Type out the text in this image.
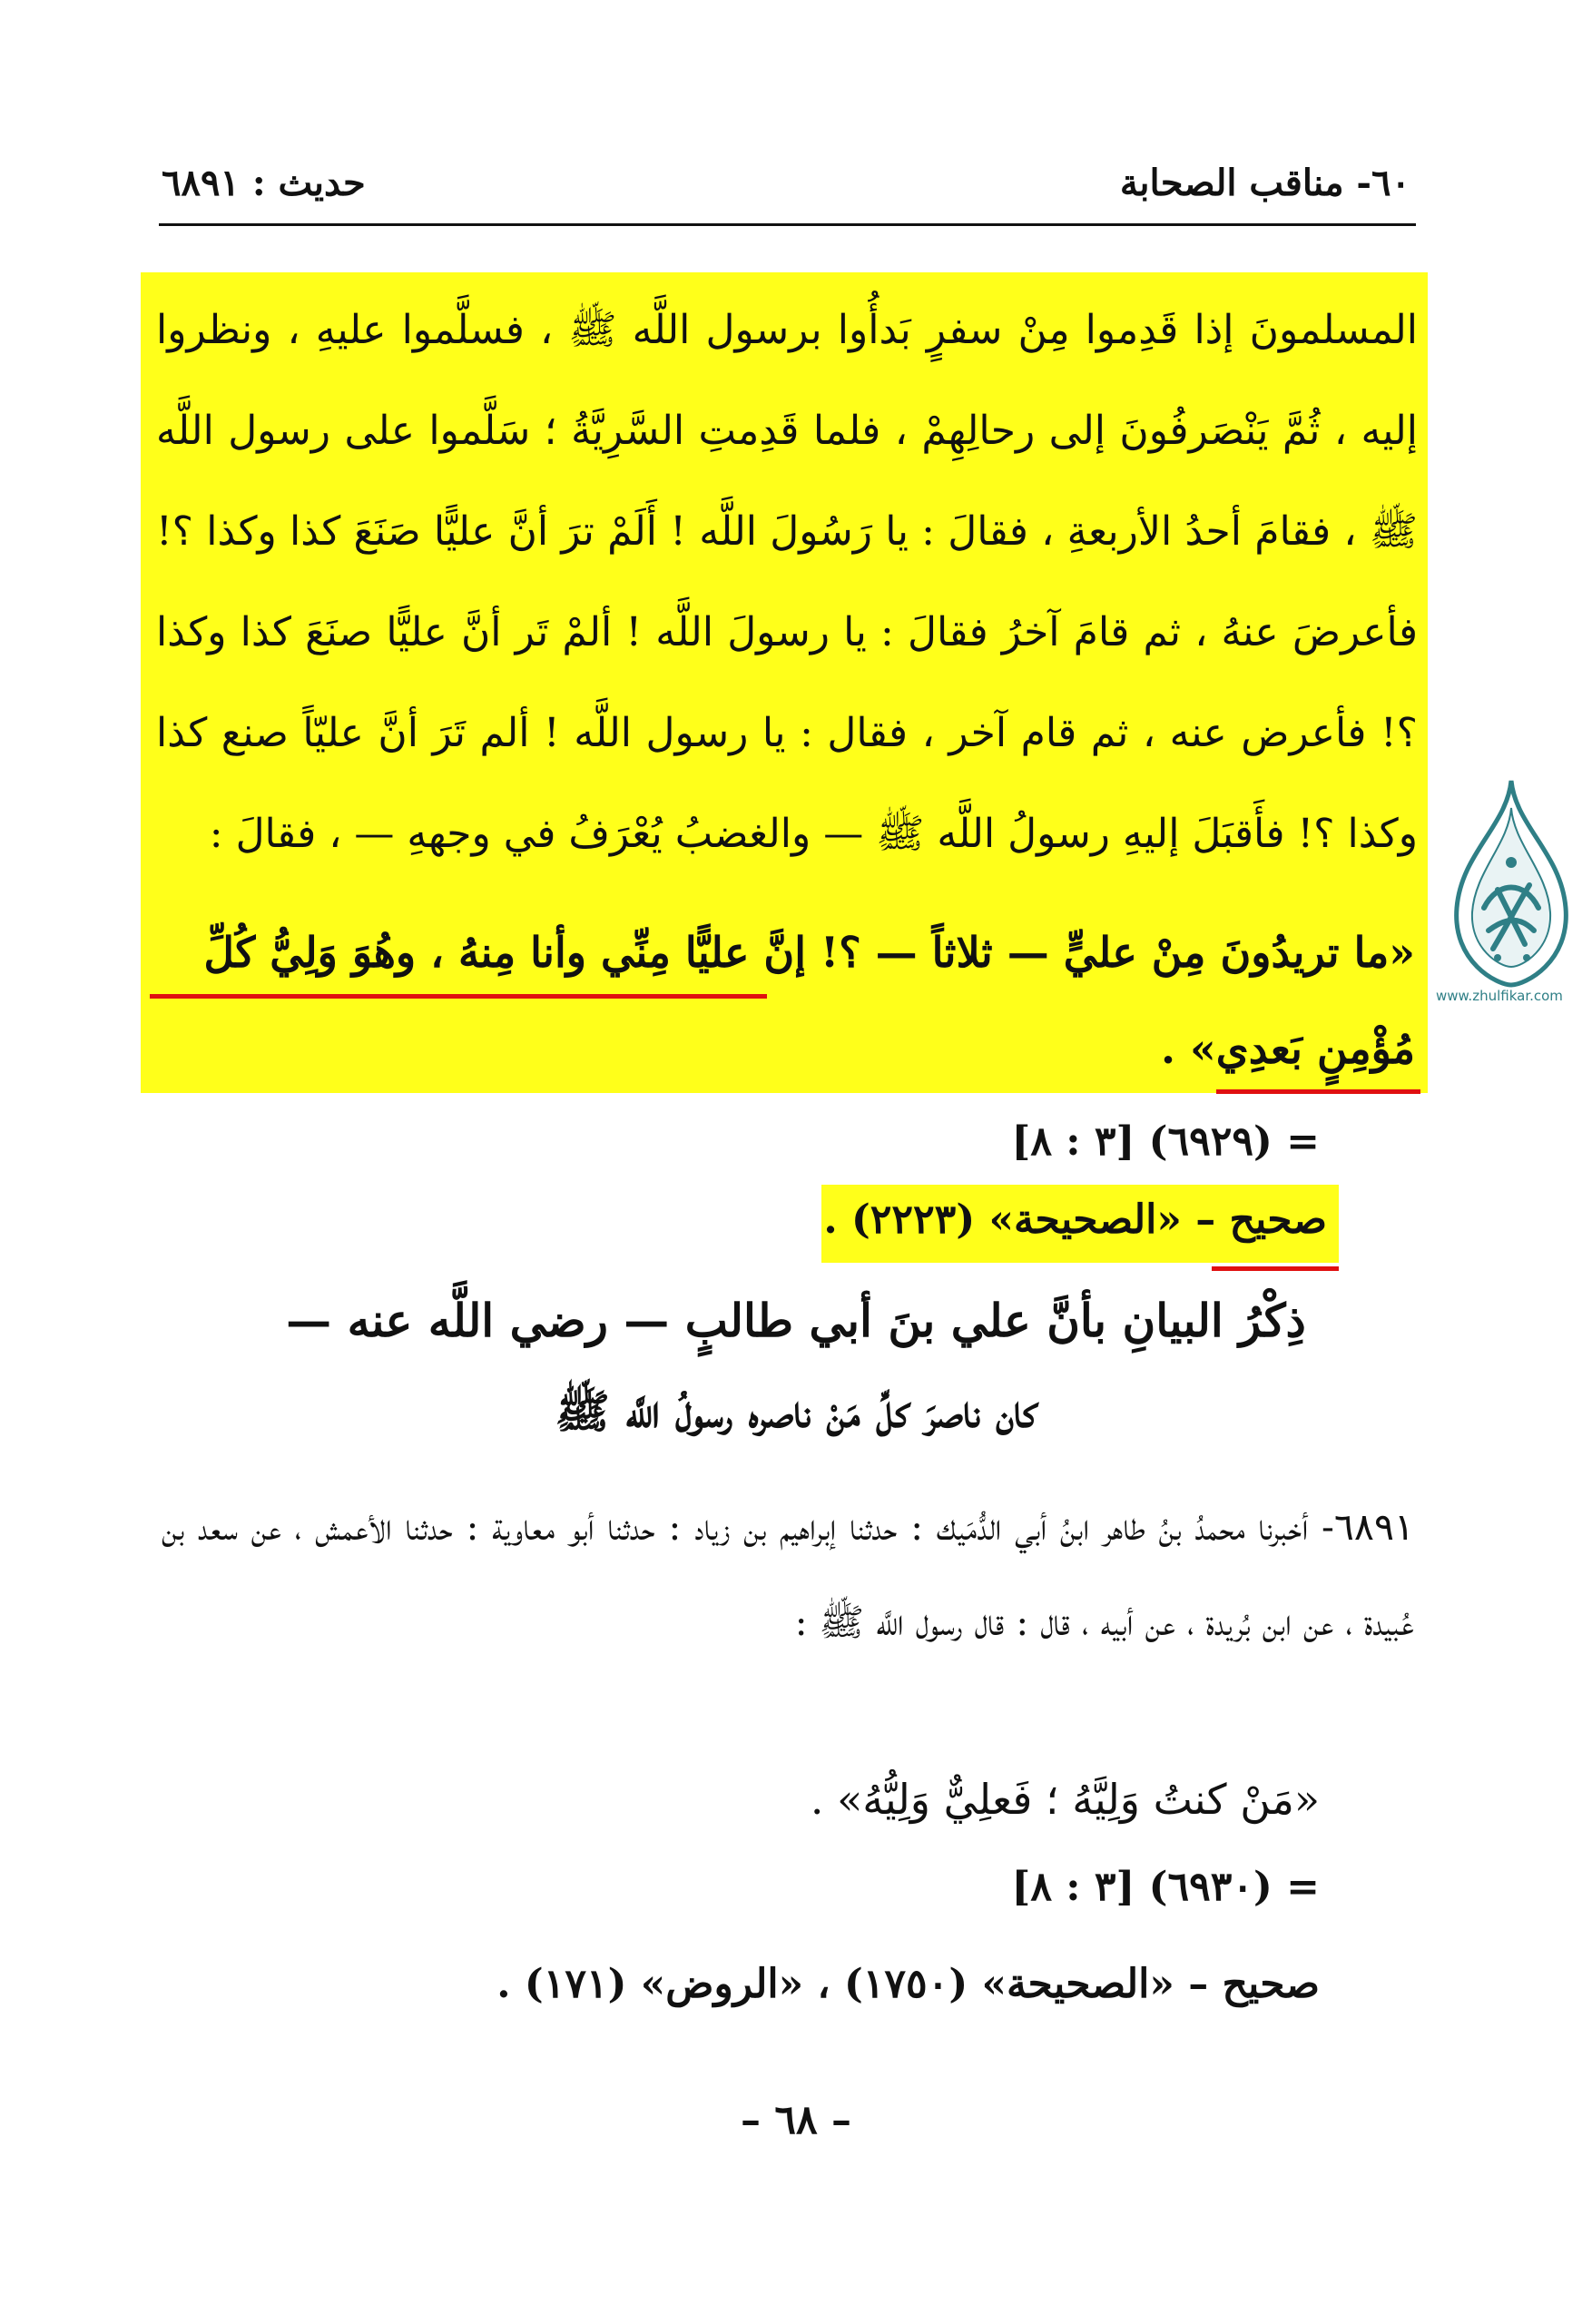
٦٠- مناقب الصحابة
حديث : ٦٨٩١
المسلمونَ إذا قَدِموا مِنْ سفرٍ بَدأُوا برسول اللَّه ﷺ ، فسلَّموا عليهِ ، ونظروا إليه ، ثُمَّ يَنْصَرفُونَ إلى رحالِهِمْ ، فلما قَدِمتِ السَّرِيَّةُ ؛ سَلَّموا على رسول اللَّه ﷺ ، فقامَ أحدُ الأربعةِ ، فقالَ : يا رَسُولَ اللَّه ! أَلَمْ ترَ أنَّ عليًّا صَنَعَ كذا وكذا ؟! فأعرضَ عنهُ ، ثم قامَ آخرُ فقالَ : يا رسولَ اللَّه ! ألمْ تَر أنَّ عليًّا صنَعَ كذا وكذا ؟! فأعرض عنه ، ثم قام آخر ، فقال : يا رسول اللَّه ! ألم تَرَ أنَّ عليّاً صنع كذا وكذا ؟! فأَقبَلَ إليهِ رسولُ اللَّه ﷺ — والغضبُ يُعْرَفُ في وجههِ — ، فقالَ :
«ما تريدُونَ مِنْ عليٍّ — ثلاثاً — ؟! إنَّ عليًّا مِنِّي وأنا مِنهُ ، وهُوَ وَلِيُّ كُلِّ
مُؤْمِنٍ بَعدِي» .
www.zhulfikar.com
= (٦٩٢٩) [٣ : ٨]
صحيح – «الصحيحة» (٢٢٢٣) .
ذِكْرُ البيانِ بأنَّ علي بنَ أبي طالبٍ — رضي اللَّه عنه —
كان ناصرَ كلِّ مَنْ ناصره رسولُ اللَّه ﷺ
٦٨٩١- أخبرنا محمدُ بنُ طاهر ابنُ أبي الدُّمَيك : حدثنا إبراهيم بن زياد : حدثنا أبو معاوية : حدثنا الأعمش ، عن سعد بن عُبيدة ، عن ابن بُريدة ، عن أبيه ، قال : قال رسول اللَّه ﷺ :
«مَنْ كنتُ وَلِيَّهُ ؛ فَعلِيٌّ وَلِيُّهُ» .
= (٦٩٣٠) [٣ : ٨]
صحيح – «الصحيحة» (١٧٥٠) ، «الروض» (١٧١) .
– ٦٨ –
